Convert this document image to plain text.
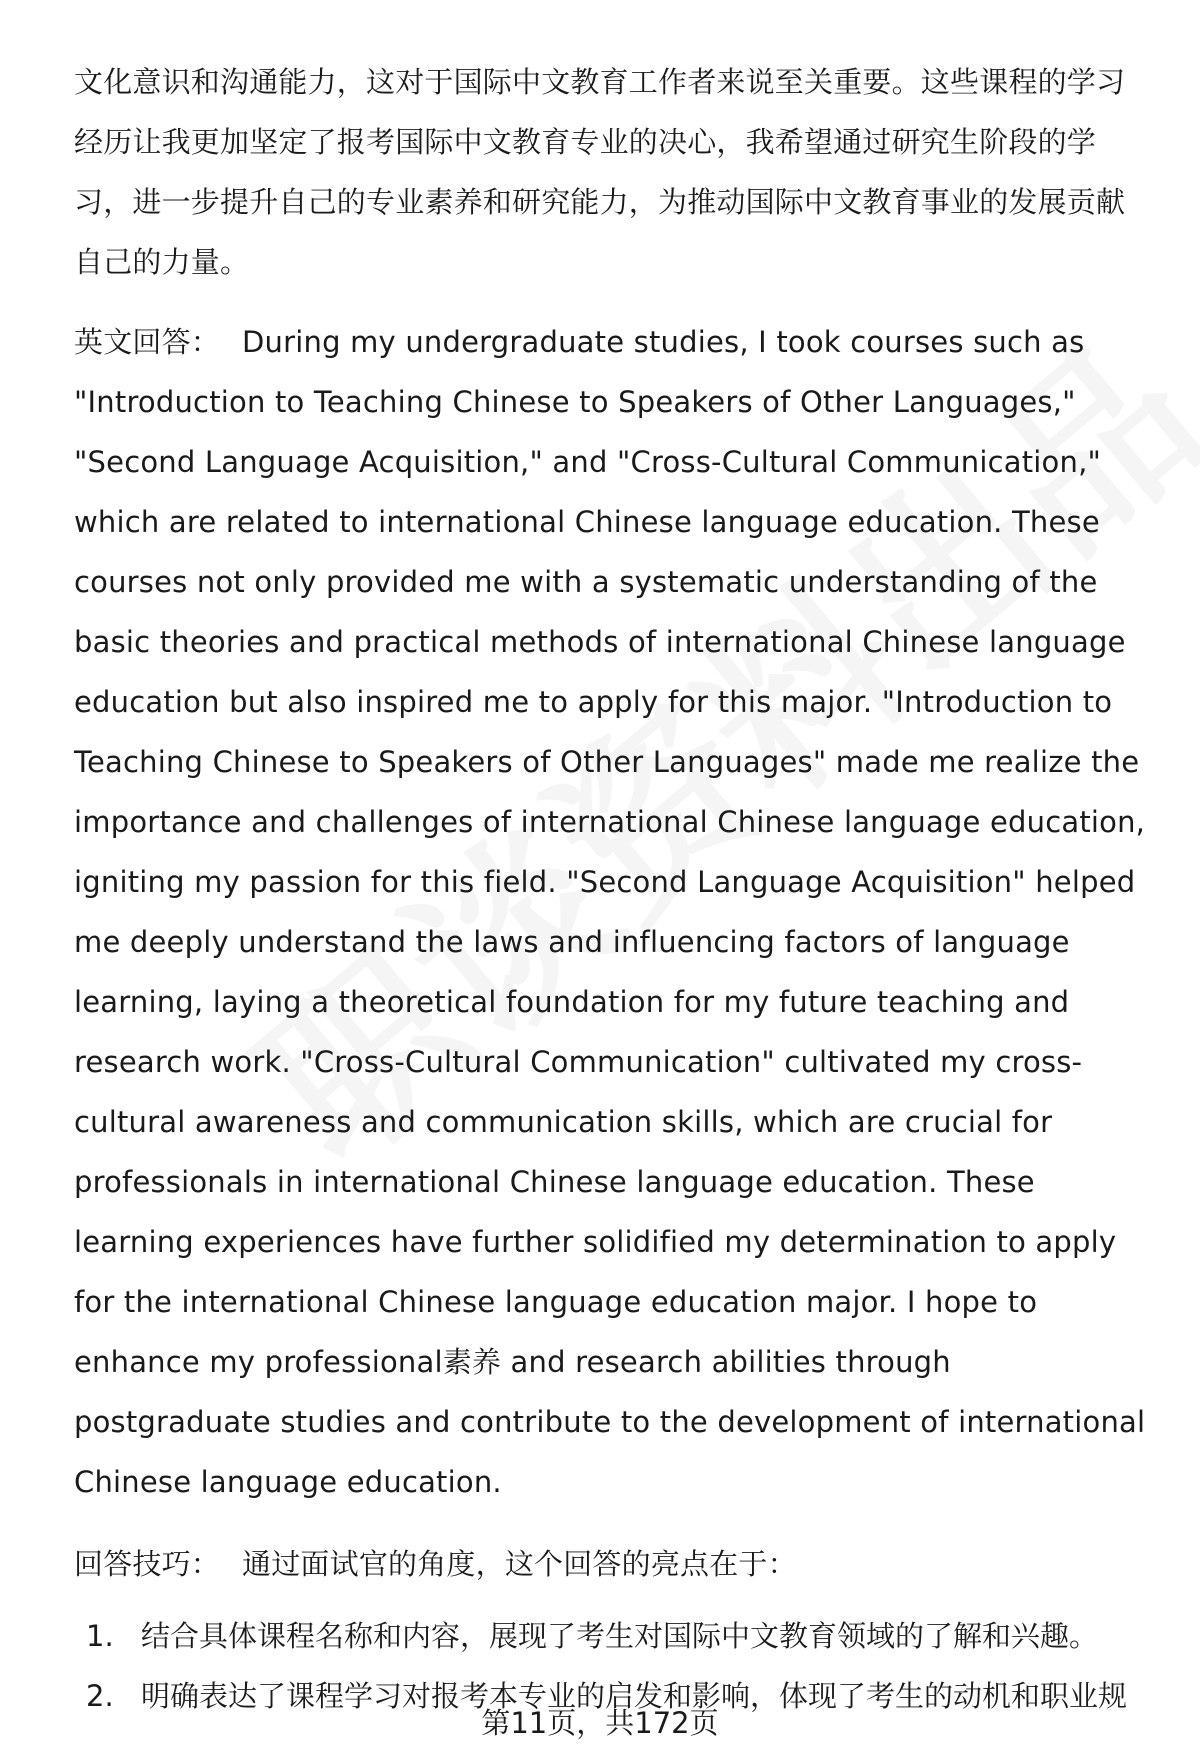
文化意识和沟通能力，这对于国际中文教育工作者来说至关重要。这些课程的学习经历让我更加坚定了报考国际中文教育专业的决心，我希望通过研究生阶段的学习，进一步提升自己的专业素养和研究能力，为推动国际中文教育事业的发展贡献自己的力量。

英文回答： During my undergraduate studies, I took courses such as "Introduction to Teaching Chinese to Speakers of Other Languages," "Second Language Acquisition," and "Cross-Cultural Communication," which are related to international Chinese language education. These courses not only provided me with a systematic understanding of the basic theories and practical methods of international Chinese language education but also inspired me to apply for this major. "Introduction to Teaching Chinese to Speakers of Other Languages" made me realize the importance and challenges of international Chinese language education, igniting my passion for this field. "Second Language Acquisition" helped me deeply understand the laws and influencing factors of language learning, laying a theoretical foundation for my future teaching and research work. "Cross-Cultural Communication" cultivated my cross-cultural awareness and communication skills, which are crucial for professionals in international Chinese language education. These learning experiences have further solidified my determination to apply for the international Chinese language education major. I hope to enhance my professional素养 and research abilities through postgraduate studies and contribute to the development of international Chinese language education.

回答技巧： 通过面试官的角度，这个回答的亮点在于：

1. 结合具体课程名称和内容，展现了考生对国际中文教育领域的了解和兴趣。
2. 明确表达了课程学习对报考本专业的启发和影响，体现了考生的动机和职业规
第11页，共172页
